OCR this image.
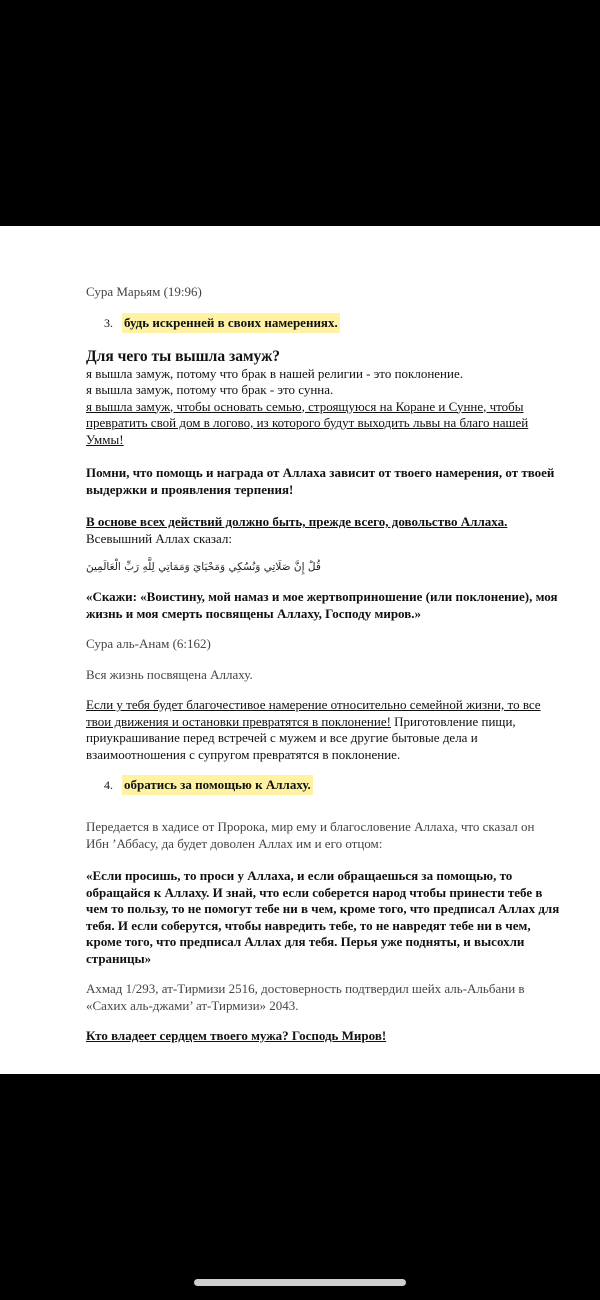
Сура Марьям (19:96)

3. будь искренней в своих намерениях.

Для чего ты вышла замуж?

я вышла замуж, потому что брак в нашей религии - это поклонение.

я вышла замуж, потому что брак - это сунна.

я вышла замуж, чтобы основать семью, строящуюся на Коране и Сунне, чтобы превратить свой дом в логово, из которого будут выходить львы на благо нашей Уммы!

Помни, что помощь и награда от Аллаха зависит от твоего намерения, от твоей выдержки и проявления терпения!

В основе всех действий должно быть, прежде всего, довольство Аллаха.

Всевышний Аллах сказал:

قُلْ إِنَّ صَلَاتِي وَنُسُكِي وَمَحْيَايَ وَمَمَاتِي لِلَّهِ رَبِّ الْعَالَمِينَ

«Скажи: «Воистину, мой намаз и мое жертвоприношение (или поклонение), моя жизнь и моя смерть посвящены Аллаху, Господу миров.»

Сура аль-Анам (6:162)

Вся жизнь посвящена Аллаху.

Если у тебя будет благочестивое намерение относительно семейной жизни, то все твои движения и остановки превратятся в поклонение! Приготовление пищи, приукрашивание перед встречей с мужем и все другие бытовые дела и взаимоотношения с супругом превратятся в поклонение.

4. обратись за помощью к Аллаху.

Передается в хадисе от Пророка, мир ему и благословение Аллаха, что сказал он Ибн ’Аббасу, да будет доволен Аллах им и его отцом:

«Если просишь, то проси у Аллаха, и если обращаешься за помощью, то обращайся к Аллаху. И знай, что если соберется народ чтобы принести тебе в чем то пользу, то не помогут тебе ни в чем, кроме того, что предписал Аллах для тебя. И если соберутся, чтобы навредить тебе, то не навредят тебе ни в чем, кроме того, что предписал Аллах для тебя. Перья уже подняты, и высохли страницы»

Ахмад 1/293, ат-Тирмизи 2516, достоверность подтвердил шейх аль-Альбани в «Сахих аль-джами’ ат-Тирмизи» 2043.

Кто владеет сердцем твоего мужа? Господь Миров!
